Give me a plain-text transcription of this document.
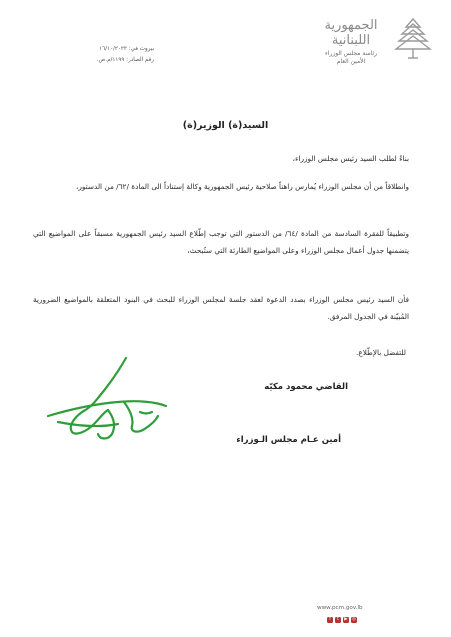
الجمهورية
اللبنانية
رئاسة مجلس الوزراء
الأمين العام
بيروت في: ١٦/١٠/٢٠٢٣
رقم الصادر: ١١٩٩/م.ص.
السيد(ة) الوزير(ة)
بناءً لطلب السيد رئيس مجلس الوزراء،
وانطلاقاً من أن مجلس الوزراء يُمارس راهناً صلاحية رئيس الجمهورية وكالة إستناداً الى المادة /٦٢/ من الدستور،
وتطبيقاً للفقرة السادسة من المادة /٦٤/ من الدستور التي توجب إطّلاع السيد رئيس الجمهورية مسبقاً على المواضيع التي يتضمنها جدول أعمال مجلس الوزراء وعلى المواضيع الطارئة التي ستُبحث،
فأن السيد رئيس مجلس الوزراء بصدد الدعوة لعقد جلسة لمجلس الوزراء للبحث في البنود المتعلقة بالمواضيع الضرورية المُبيّنة في الجدول المرفق.
للتفضل بالإطّلاع.
القاضي محمود مكيّه
أمين عـام مجلس الـوزراء
www.pcm.gov.lb
f	t	▶ ◎
